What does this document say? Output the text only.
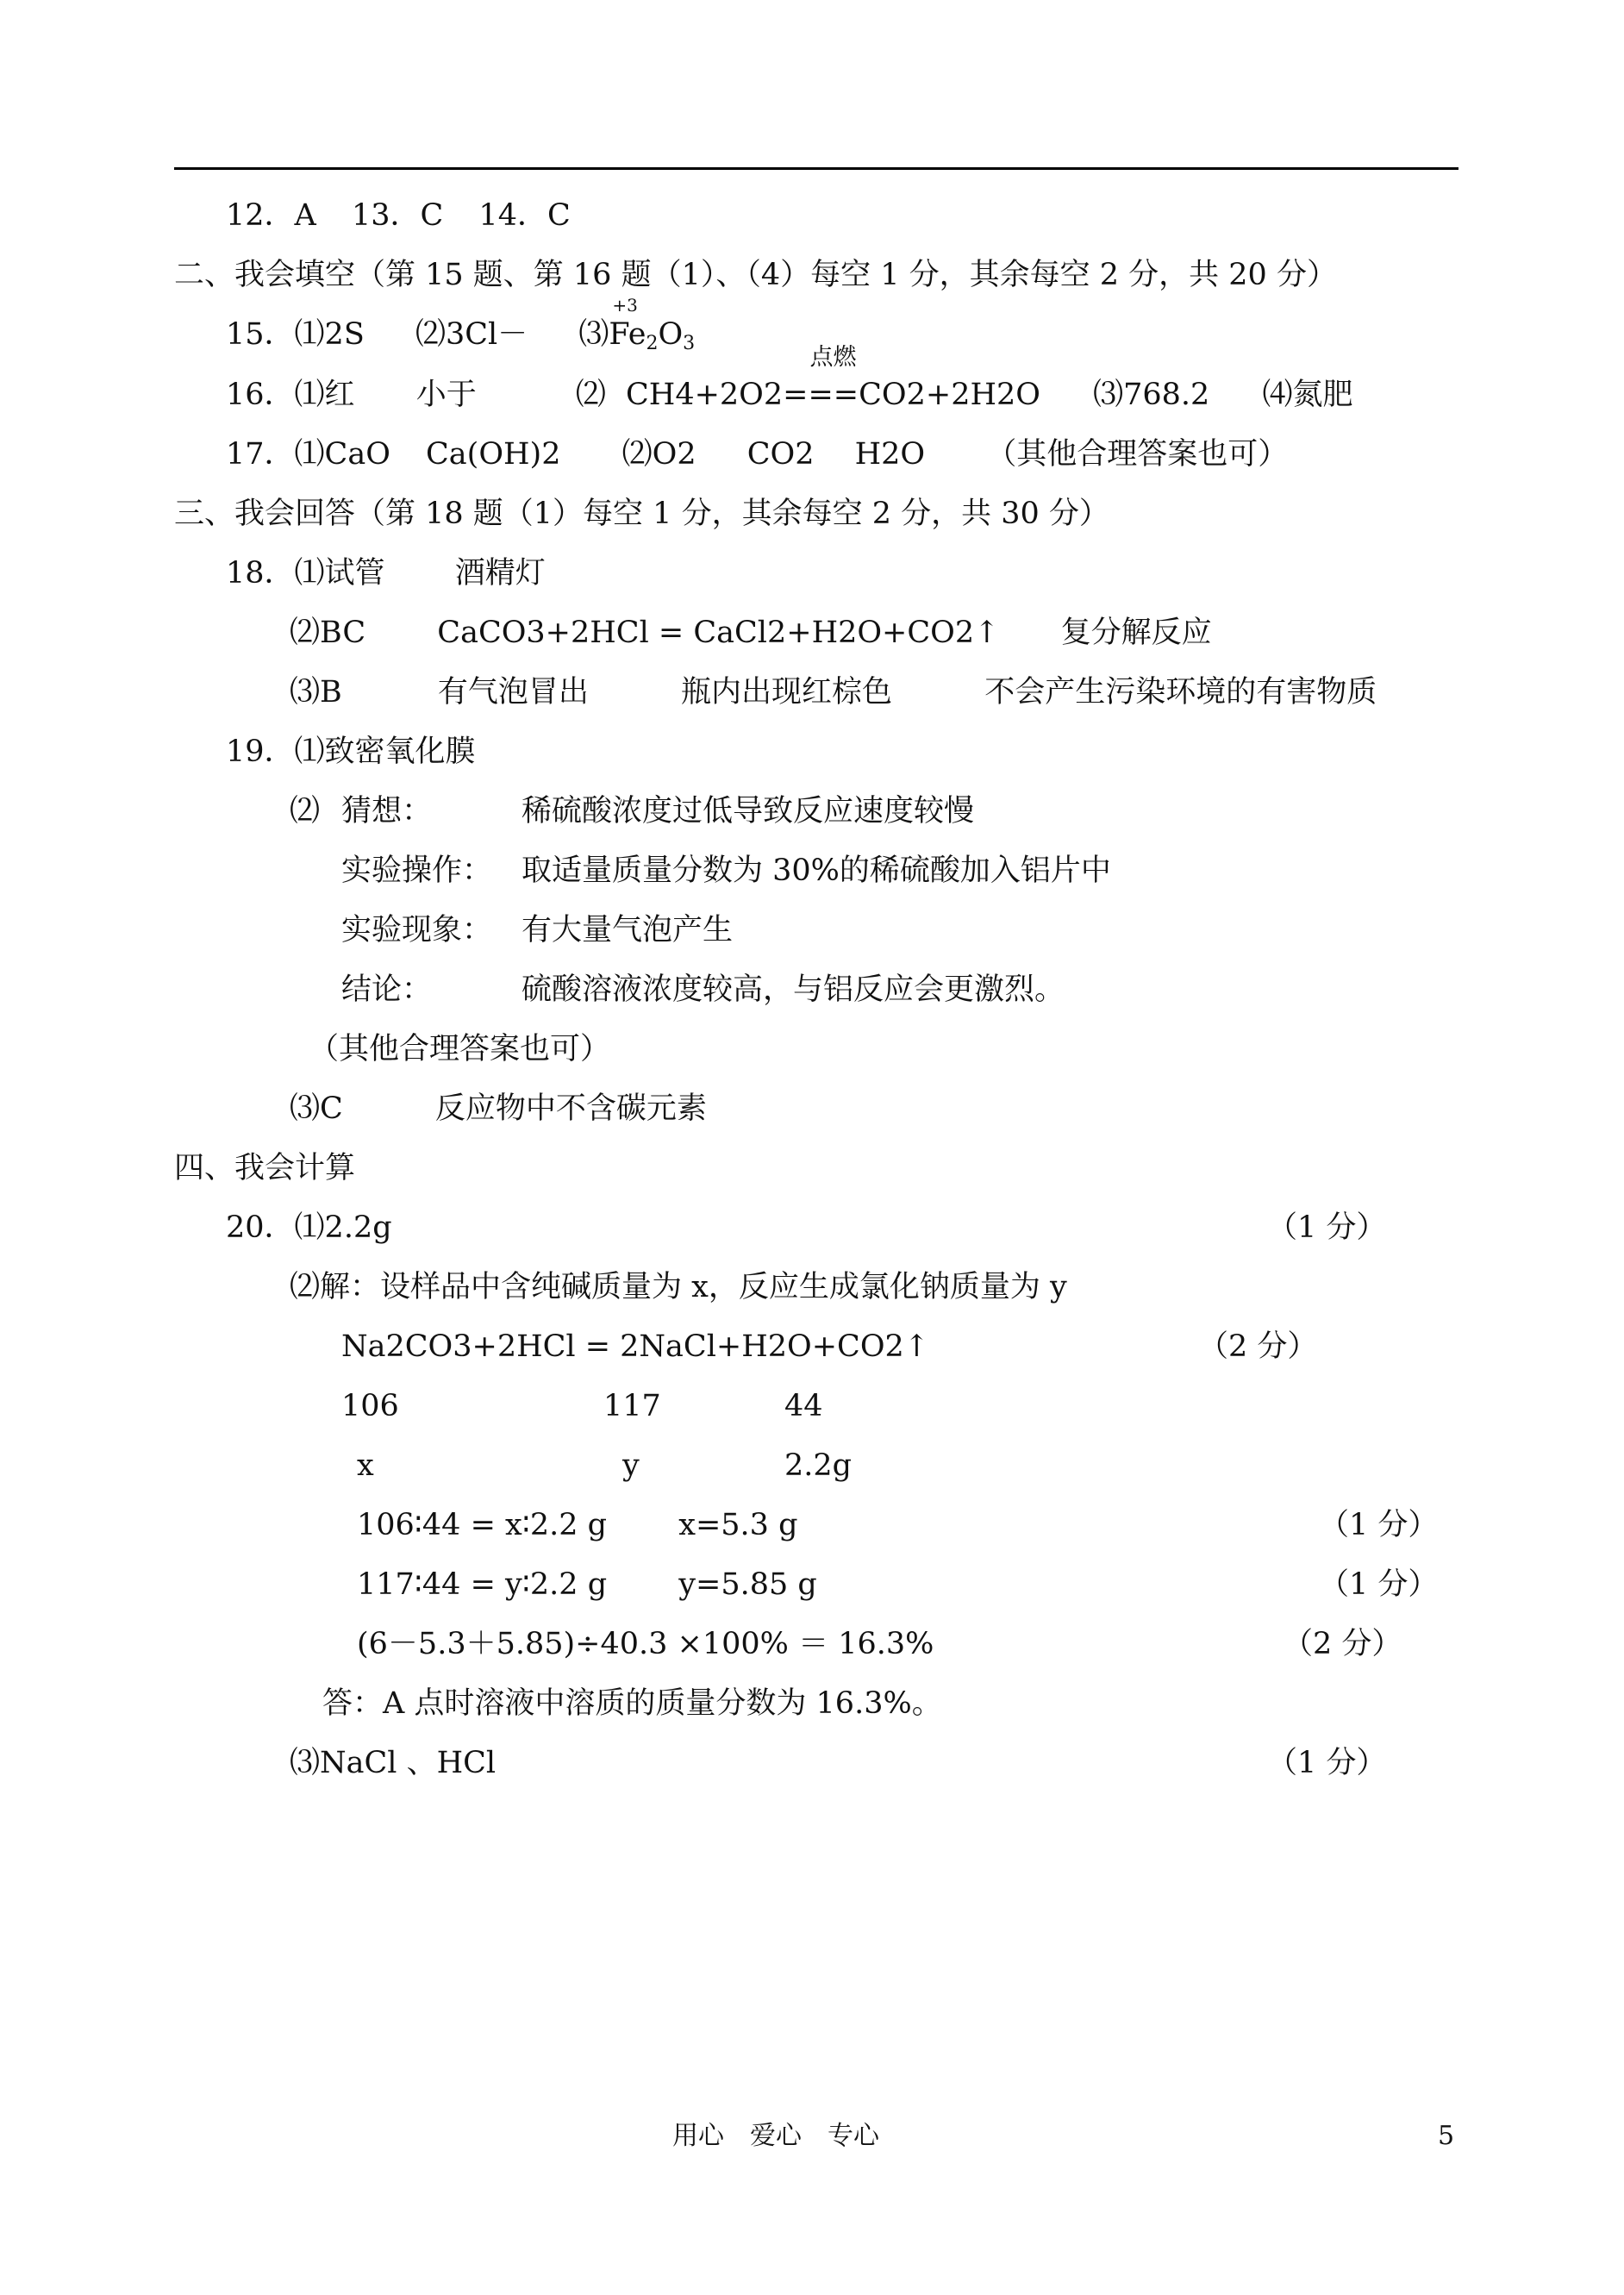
12．A 13．C 14．C
二、我会填空（第 15 题、第 16 题（1）、（4）每空 1 分，其余每空 2 分，共 20 分）
15．⑴2S ⑵3Cl－ ⑶
+3
$Fe_2O_3$
16．⑴红 小于	⑵
点燃
CH4+2O2===CO2+2H2O ⑶768.2 ⑷氮肥
17．⑴CaO Ca(OH)2 ⑵O2 CO2 H2O （其他合理答案也可）
三、我会回答（第 18 题（1）每空 1 分，其余每空 2 分，共 30 分）
18．⑴试管 酒精灯
⑵BC CaCO3+2HCl = CaCl2+H2O+CO2↑ 复分解反应
⑶B	有气泡冒出	瓶内出现红棕色	不会产生污染环境的有害物质
19．⑴致密氧化膜
⑵ 猜想：	稀硫酸浓度过低导致反应速度较慢
实验操作： 取适量质量分数为 30%的稀硫酸加入铝片中
实验现象： 有大量气泡产生
结论：	硫酸溶液浓度较高，与铝反应会更激烈。
（其他合理答案也可）
⑶C	反应物中不含碳元素
四、我会计算
20．⑴2.2g	（1 分）
⑵解：设样品中含纯碱质量为 x，反应生成氯化钠质量为 y
Na2CO3+2HCl = 2NaCl+H2O+CO2↑	（2 分）
106	117	44
x	y	2.2g
106∶44 = x∶2.2 g x=5.3 g	（1 分）
117∶44 = y∶2.2 g y=5.85 g	（1 分）
(6－5.3＋5.85)÷40.3 ×100% ＝ 16.3%	（2 分）
答：A 点时溶液中溶质的质量分数为 16.3%。
⑶NaCl 、HCl	（1 分）
用心　爱心　专心	5
